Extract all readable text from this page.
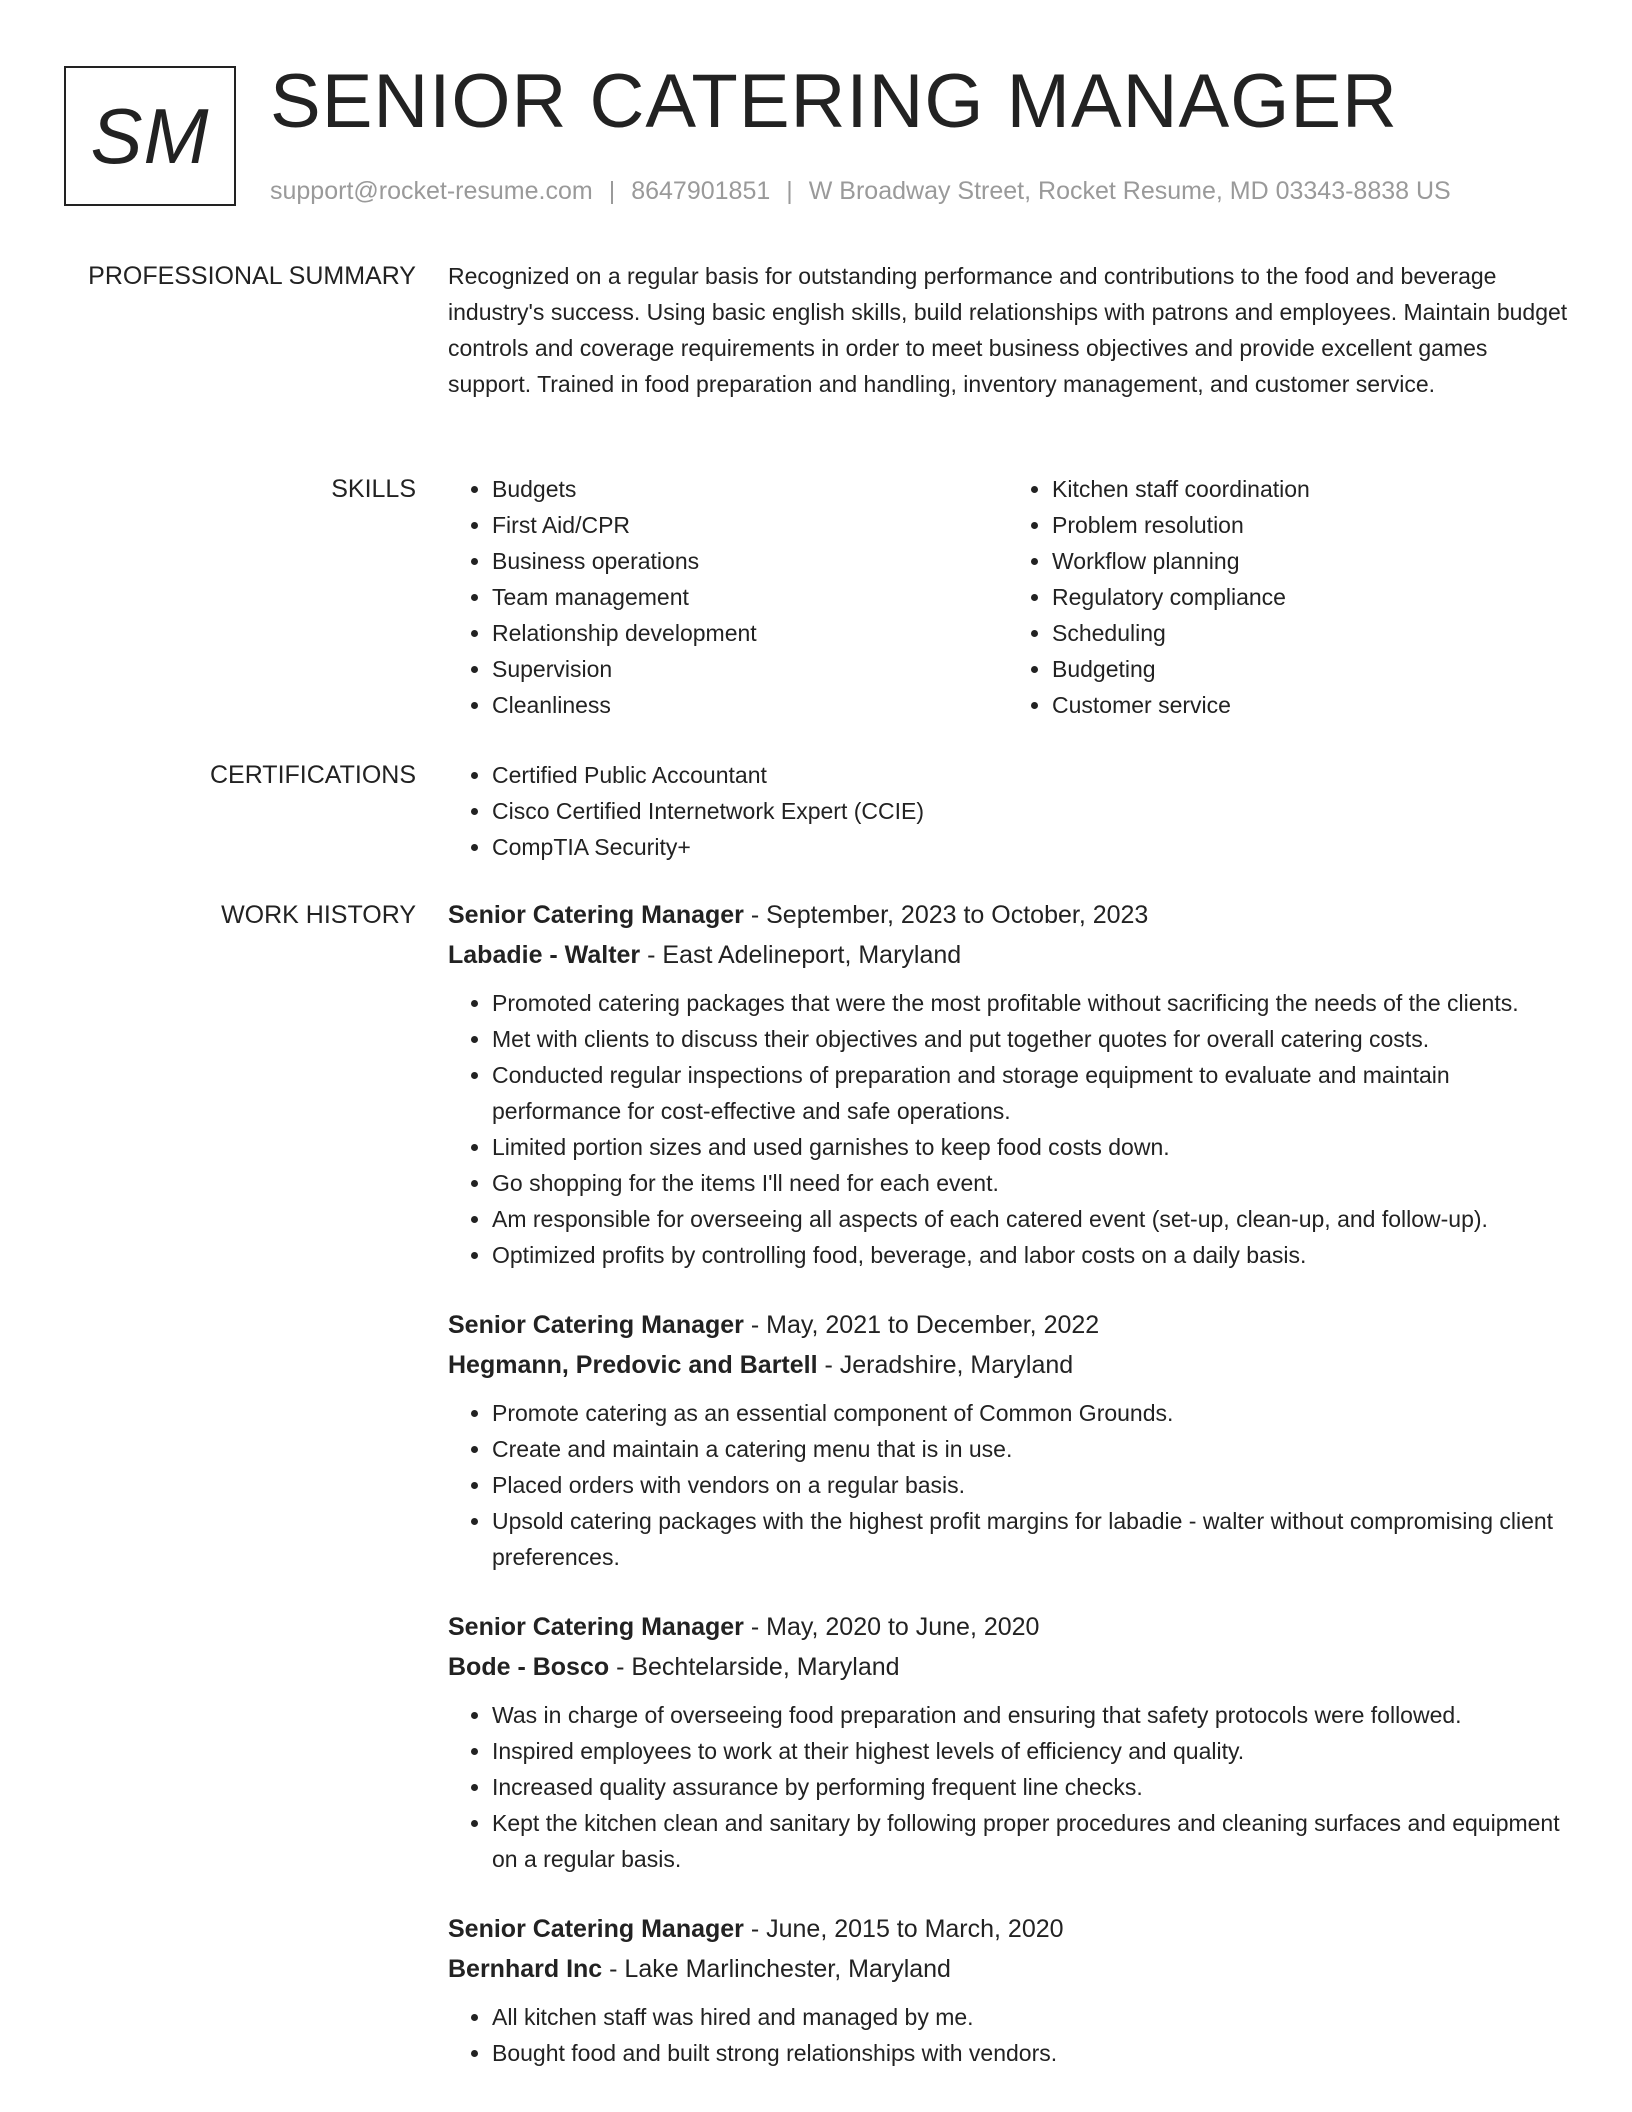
SM SENIOR CATERING MANAGER
support@rocket-resume.com | 8647901851 | W Broadway Street, Rocket Resume, MD 03343-8838 US
PROFESSIONAL SUMMARY Recognized on a regular basis for outstanding performance and contributions to the food and beverage industry's success. Using basic english skills, build relationships with patrons and employees. Maintain budget controls and coverage requirements in order to meet business objectives and provide excellent games support. Trained in food preparation and handling, inventory management, and customer service.

SKILLS	• Budgets
• First Aid/CPR
• Business operations
• Team management
• Relationship development
• Supervision
• Cleanliness
• Kitchen staff coordination
• Problem resolution
• Workflow planning
• Regulatory compliance
• Scheduling
• Budgeting
• Customer service
CERTIFICATIONS	• Certified Public Accountant
• Cisco Certified Internetwork Expert (CCIE)
• CompTIA Security+
WORK HISTORY Senior Catering Manager - September, 2023 to October, 2023
Labadie - Walter - East Adelineport, Maryland
• Promoted catering packages that were the most profitable without sacrificing the needs of the clients.
• Met with clients to discuss their objectives and put together quotes for overall catering costs.
• Conducted regular inspections of preparation and storage equipment to evaluate and maintain performance for cost-effective and safe operations.
• Limited portion sizes and used garnishes to keep food costs down.
• Go shopping for the items I'll need for each event.
• Am responsible for overseeing all aspects of each catered event (set-up, clean-up, and follow-up).
• Optimized profits by controlling food, beverage, and labor costs on a daily basis.
Senior Catering Manager - May, 2021 to December, 2022
Hegmann, Predovic and Bartell - Jeradshire, Maryland
• Promote catering as an essential component of Common Grounds.
• Create and maintain a catering menu that is in use.
• Placed orders with vendors on a regular basis.
• Upsold catering packages with the highest profit margins for labadie - walter without compromising client preferences.
Senior Catering Manager - May, 2020 to June, 2020
Bode - Bosco - Bechtelarside, Maryland
• Was in charge of overseeing food preparation and ensuring that safety protocols were followed.
• Inspired employees to work at their highest levels of efficiency and quality.
• Increased quality assurance by performing frequent line checks.
• Kept the kitchen clean and sanitary by following proper procedures and cleaning surfaces and equipment on a regular basis.
Senior Catering Manager - June, 2015 to March, 2020
Bernhard Inc - Lake Marlinchester, Maryland
• All kitchen staff was hired and managed by me.
• Bought food and built strong relationships with vendors.
